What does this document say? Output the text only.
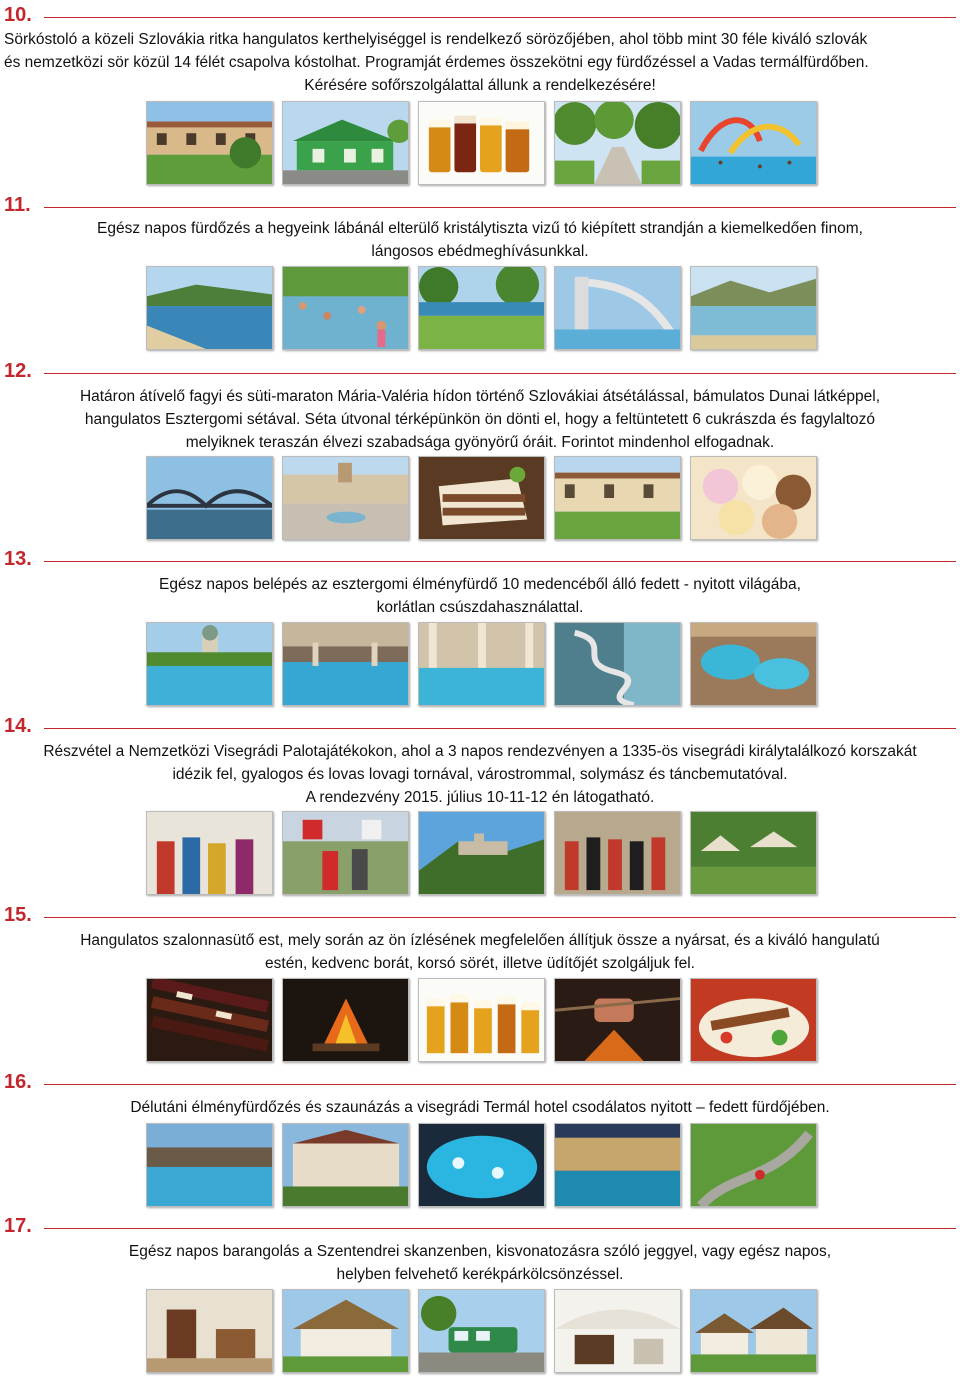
10.
Sörkóstoló a közeli Szlovákia ritka hangulatos kerthelyiséggel is rendelkező sörözőjében, ahol több mint 30 féle kiváló szlovák
és nemzetközi sör közül 14 félét csapolva kóstolhat. Programját érdemes összekötni egy fürdőzéssel a Vadas termálfürdőben.
Kérésére sofőrszolgálattal állunk a rendelkezésére!
11.
Egész napos fürdőzés a hegyeink lábánál elterülő kristálytiszta vizű tó kiépített strandján a kiemelkedően finom,
lángosos ebédmeghívásunkkal.
12.
Határon átívelő fagyi és süti-maraton Mária-Valéria hídon történő Szlovákiai átsétálással, bámulatos Dunai látképpel,
hangulatos Esztergomi sétával. Séta útvonal térképünkön ön dönti el, hogy a feltüntetett 6 cukrászda és fagylaltozó
melyiknek teraszán élvezi szabadsága gyönyörű óráit. Forintot mindenhol elfogadnak.
13.
Egész napos belépés az esztergomi élményfürdő 10 medencéből álló fedett - nyitott világába,
korlátlan csúszdahasználattal.
14.
Részvétel a Nemzetközi Visegrádi Palotajátékokon, ahol a 3 napos rendezvényen a 1335-ös visegrádi királytalálkozó korszakát
idézik fel, gyalogos és lovas lovagi tornával, várostrommal, solymász és táncbemutatóval.
A rendezvény 2015. július 10-11-12 én látogatható.
15.
Hangulatos szalonnasütő est, mely során az ön ízlésének megfelelően állítjuk össze a nyársat, és a kiváló hangulatú
estén, kedvenc borát, korsó sörét, illetve üdítőjét szolgáljuk fel.
16.
Délutáni élményfürdőzés és szaunázás a visegrádi Termál hotel csodálatos nyitott – fedett fürdőjében.
17.
Egész napos barangolás a Szentendrei skanzenben, kisvonatozásra szóló jeggyel, vagy egész napos,
helyben felvehető kerékpárkölcsönzéssel.
